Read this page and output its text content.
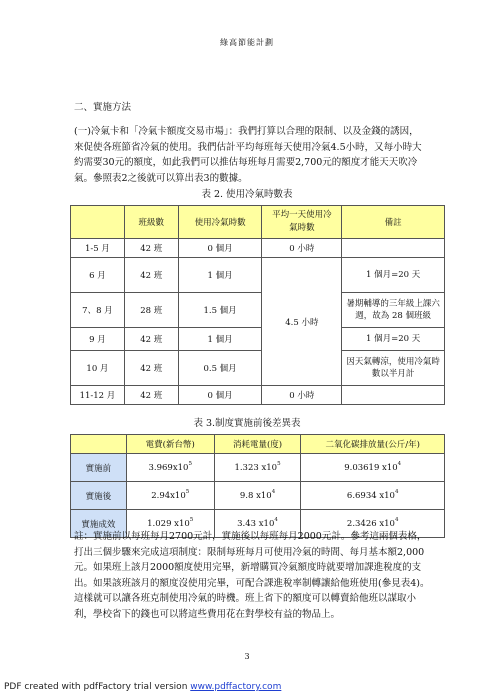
綠高節能計劃
二、實施方法
(一)冷氣卡和「冷氣卡額度交易市場」：我們打算以合理的限制、以及金錢的誘因，來促使各班節省冷氣的使用。我們估計平均每班每天使用冷氣4.5小時，又每小時大約需要30元的額度，如此我們可以推估每班每月需要2,700元的額度才能天天吹冷氣。參照表2之後就可以算出表3的數據。
表 2. 使用冷氣時數表
	班級數	使用冷氣時數	平均一天使用冷氣時數	備註
1-5 月	42 班	0 個月	0 小時	
6 月	42 班	1 個月	4.5 小時	1 個月=20 天
7、8 月	28 班	1.5 個月		暑期輔導的三年級上課六週，故為 28 個班級
9 月	42 班	1 個月		1 個月=20 天
10 月	42 班	0.5 個月		因天氣轉涼，使用冷氣時數以半月計
11-12 月	42 班	0 個月	0 小時	
表 3.制度實施前後差異表
	電費(新台幣)	消耗電量(度)	二氧化碳排放量(公斤/年)
實施前	$3.969x10^5$	1.323 $x10^5$	9.03619 $x10^4$
實施後	$2.94x10^5$	9.8 $x10^4$	6.6934 $x10^4$
實施成效	1.029 $x10^5$	3.43 $x10^4$	2.3426 $x10^4$
註：實施前以每班每月2700元計，實施後以每班每月2000元計。參考這兩個表格，打出三個步驟來完成這項制度：限制每班每月可使用冷氣的時間、每月基本額2,000元。如果班上該月2000額度使用完畢，新增購買冷氣額度時就要增加課進稅度的支出。如果該班該月的額度沒使用完畢，可配合課進稅率制轉讓給他班使用(參見表4)。這樣就可以讓各班克制使用冷氣的時機。班上省下的額度可以轉賣給他班以謀取小利，學校省下的錢也可以將這些費用花在對學校有益的物品上。
3
PDF created with pdfFactory trial version www.pdffactory.com
